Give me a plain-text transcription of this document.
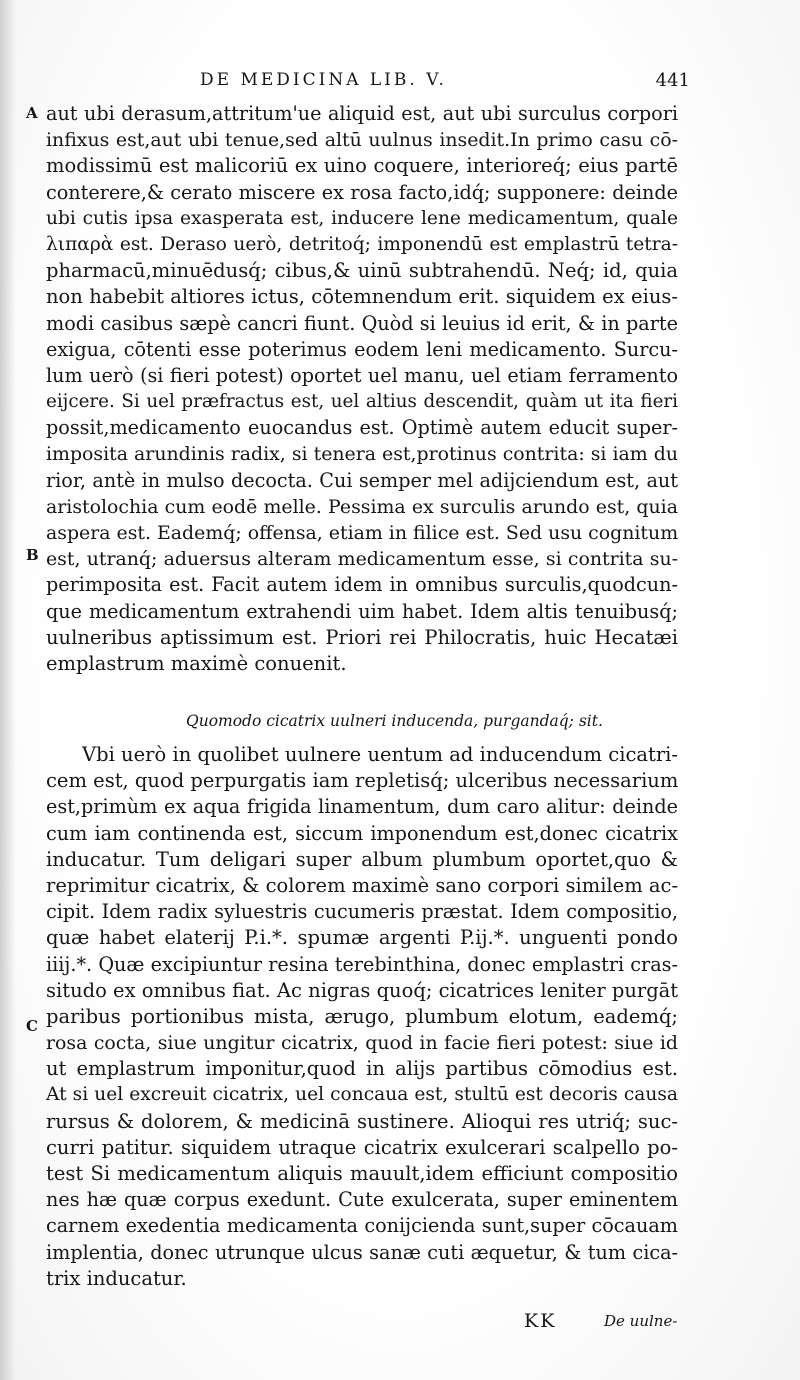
DE MEDICINA LIB. V.	441
A
B
C
aut ubi derasum,attritum'ue aliquid est, aut ubi surculus corpori
infixus est,aut ubi tenue,sed altū uulnus insedit.In primo casu cō-
modissimū est malicoriū ex uino coquere, interioreq́; eius partē
conterere,& cerato miscere ex rosa facto,idq́; supponere: deinde
ubi cutis ipsa exasperata est, inducere lene medicamentum, quale
λιπαρὰ est. Deraso uerò, detritoq́; imponendū est emplastrū tetra-
pharmacū,minuēdusq́; cibus,& uinū subtrahendū. Neq́; id, quia
non habebit altiores ictus, cōtemnendum erit. siquidem ex eius-
modi casibus sæpè cancri fiunt. Quòd si leuius id erit, & in parte
exigua, cōtenti esse poterimus eodem leni medicamento. Surcu-
lum uerò (si fieri potest) oportet uel manu, uel etiam ferramento
eijcere. Si uel præfractus est, uel altius descendit, quàm ut ita fieri
possit,medicamento euocandus est. Optimè autem educit super-
imposita arundinis radix, si tenera est,protinus contrita: si iam du
rior, antè in mulso decocta. Cui semper mel adijciendum est, aut
aristolochia cum eodē melle. Pessima ex surculis arundo est, quia
aspera est. Eademq́; offensa, etiam in filice est. Sed usu cognitum
est, utranq́; aduersus alteram medicamentum esse, si contrita su-
perimposita est. Facit autem idem in omnibus surculis,quodcun-
que medicamentum extrahendi uim habet. Idem altis tenuibusq́;
uulneribus aptissimum est. Priori rei Philocratis, huic Hecatæi
emplastrum maximè conuenit.
Quomodo cicatrix uulneri inducenda, purgandaq́; sit.
Vbi uerò in quolibet uulnere uentum ad inducendum cicatri-
cem est, quod perpurgatis iam repletisq́; ulceribus necessarium
est,primùm ex aqua frigida linamentum, dum caro alitur: deinde
cum iam continenda est, siccum imponendum est,donec cicatrix
inducatur. Tum deligari super album plumbum oportet,quo &
reprimitur cicatrix, & colorem maximè sano corpori similem ac-
cipit. Idem radix syluestris cucumeris præstat. Idem compositio,
quæ habet elaterij P.i.*. spumæ argenti P.ij.*. unguenti pondo
iiij.*. Quæ excipiuntur resina terebinthina, donec emplastri cras-
situdo ex omnibus fiat. Ac nigras quoq́; cicatrices leniter purgāt
paribus portionibus mista, ærugo, plumbum elotum, eademq́;
rosa cocta, siue ungitur cicatrix, quod in facie fieri potest: siue id
ut emplastrum imponitur,quod in alijs partibus cōmodius est.
At si uel excreuit cicatrix, uel concaua est, stultū est decoris causa
rursus & dolorem, & medicinā sustinere. Alioqui res utriq́; suc-
curri patitur. siquidem utraque cicatrix exulcerari scalpello po-
test Si medicamentum aliquis mauult,idem efficiunt compositio
nes hæ quæ corpus exedunt. Cute exulcerata, super eminentem
carnem exedentia medicamenta conijcienda sunt,super cōcauam
implentia, donec utrunque ulcus sanæ cuti æquetur, & tum cica-
trix inducatur.
KK	De uulne-
